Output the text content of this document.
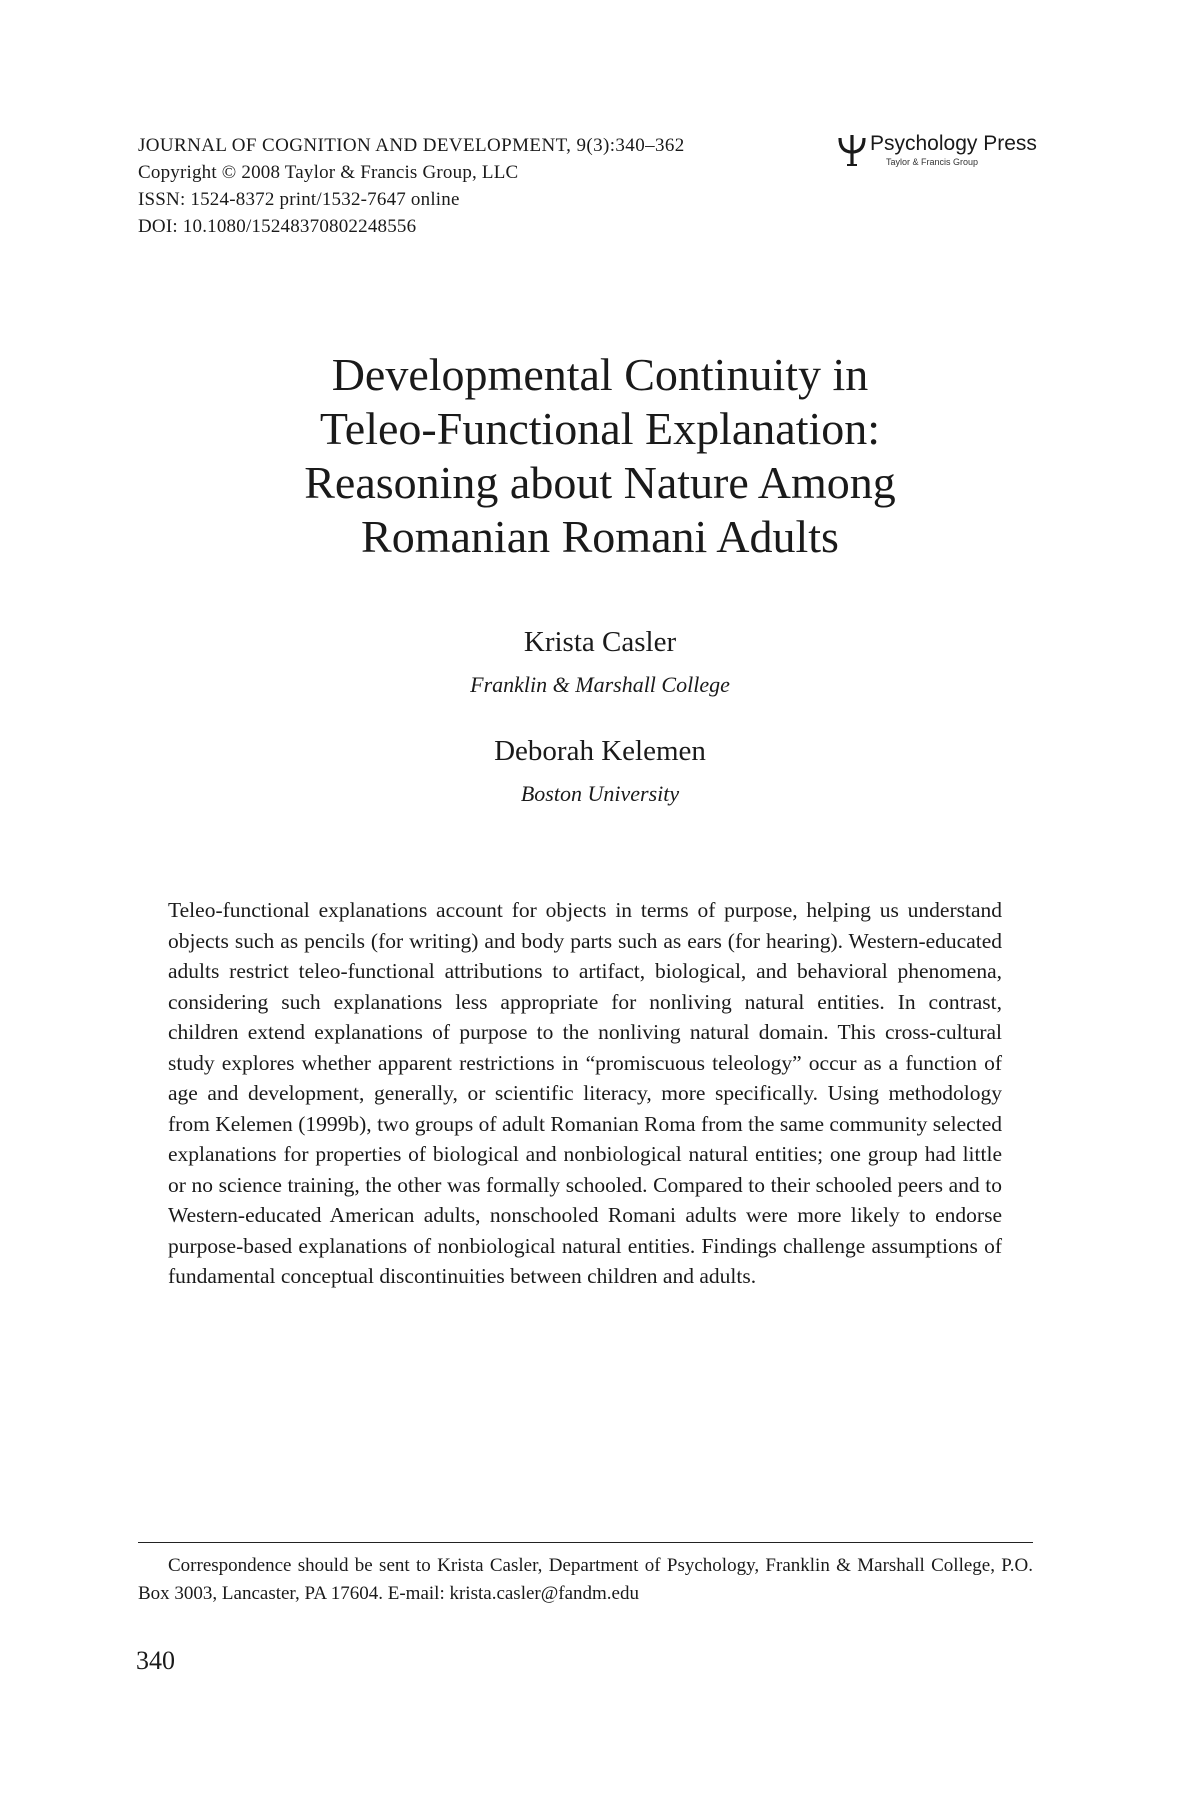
JOURNAL OF COGNITION AND DEVELOPMENT, 9(3):340–362
Copyright © 2008 Taylor & Francis Group, LLC
ISSN: 1524-8372 print/1532-7647 online
DOI: 10.1080/15248370802248556
Psychology Press
Taylor & Francis Group
Developmental Continuity in
Teleo-Functional Explanation:
Reasoning about Nature Among
Romanian Romani Adults
Krista Casler
Franklin & Marshall College
Deborah Kelemen
Boston University

Teleo-functional explanations account for objects in terms of purpose, helping us understand objects such as pencils (for writing) and body parts such as ears (for hearing). Western-educated adults restrict teleo-functional attributions to artifact, biological, and behavioral phenomena, considering such explanations less appropriate for nonliving natural entities. In contrast, children extend explanations of purpose to the nonliving natural domain. This cross-cultural study explores whether apparent restrictions in “promiscuous teleology” occur as a function of age and development, generally, or scientific literacy, more specifically. Using methodology from Kelemen (1999b), two groups of adult Romanian Roma from the same community selected explanations for properties of biological and nonbiological natural entities; one group had little or no science training, the other was formally schooled. Compared to their schooled peers and to Western-educated American adults, nonschooled Romani adults were more likely to endorse purpose-based explanations of nonbiological natural entities. Findings challenge assumptions of fundamental conceptual discontinuities between children and adults.

Correspondence should be sent to Krista Casler, Department of Psychology, Franklin & Marshall College, P.O. Box 3003, Lancaster, PA 17604. E-mail: krista.casler@fandm.edu

340
